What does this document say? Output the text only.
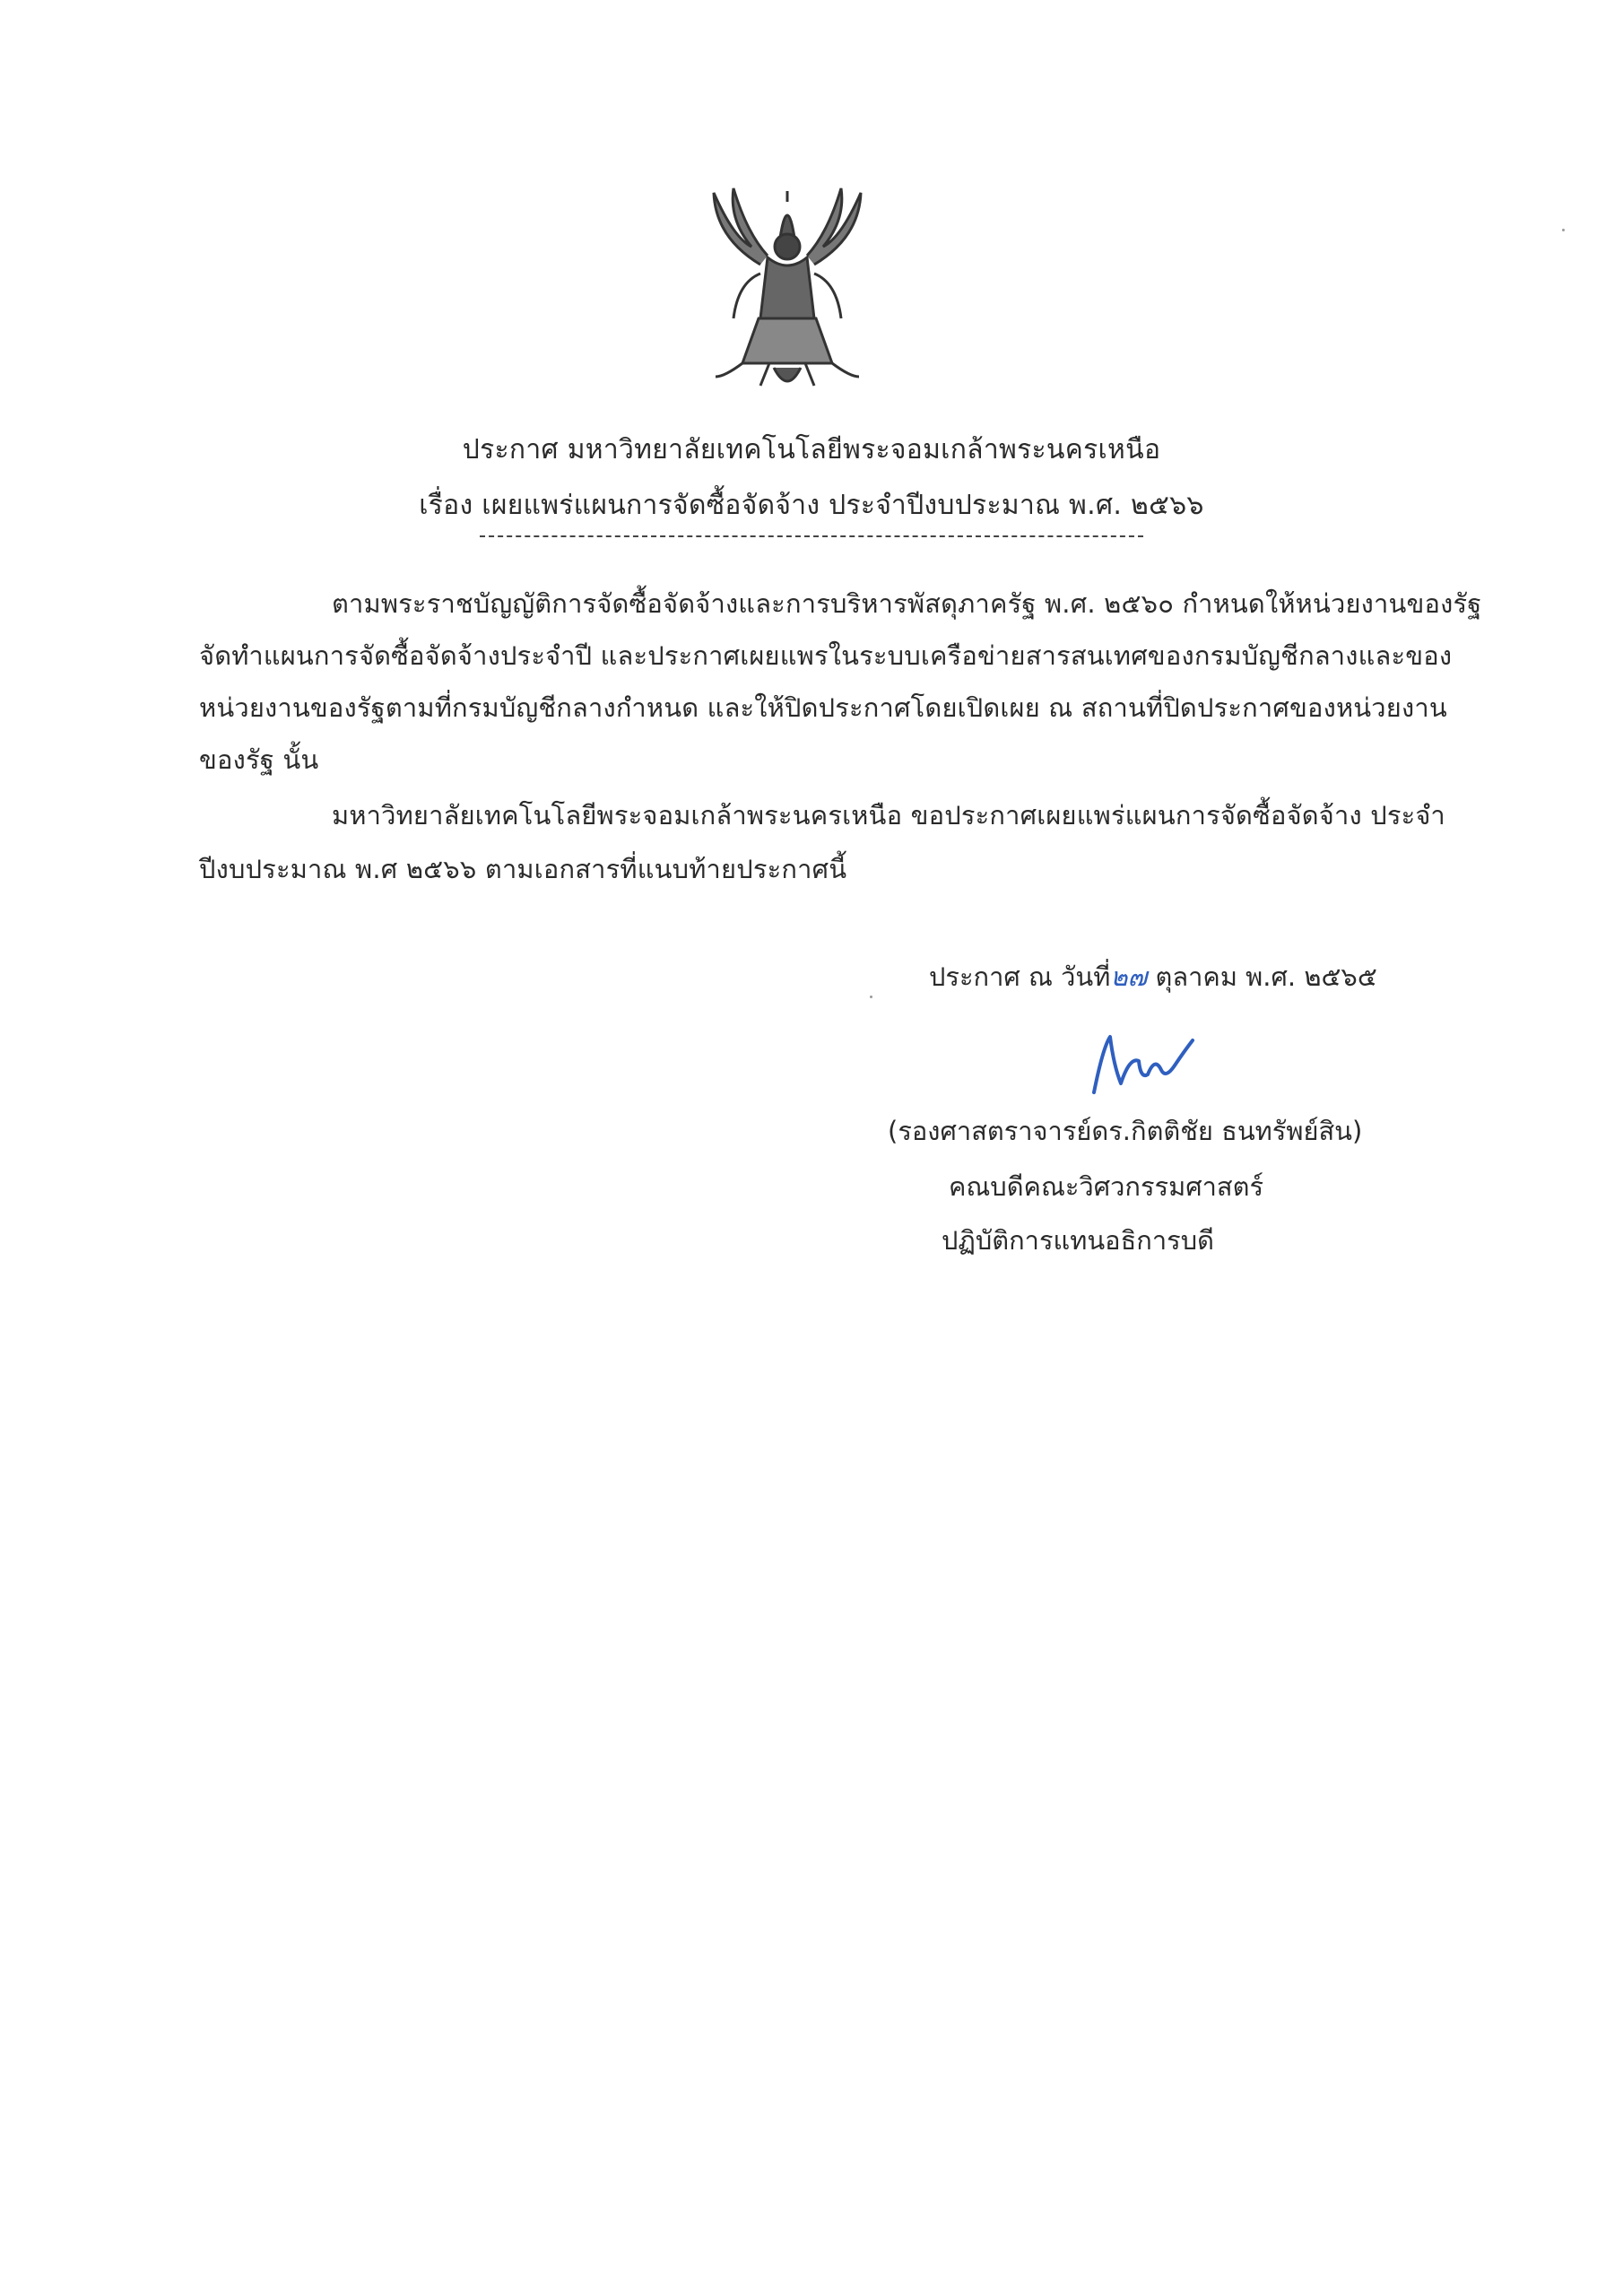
ประกาศ มหาวิทยาลัยเทคโนโลยีพระจอมเกล้าพระนครเหนือ
เรื่อง เผยแพร่แผนการจัดซื้อจัดจ้าง ประจำปีงบประมาณ พ.ศ. ๒๕๖๖
ตามพระราชบัญญัติการจัดซื้อจัดจ้างและการบริหารพัสดุภาครัฐ พ.ศ. ๒๕๖๐ กำหนดให้หน่วยงานของรัฐ
จัดทำแผนการจัดซื้อจัดจ้างประจำปี และประกาศเผยแพรในระบบเครือข่ายสารสนเทศของกรมบัญชีกลางและของ
หน่วยงานของรัฐตามที่กรมบัญชีกลางกำหนด และให้ปิดประกาศโดยเปิดเผย ณ สถานที่ปิดประกาศของหน่วยงาน
ของรัฐ นั้น
มหาวิทยาลัยเทคโนโลยีพระจอมเกล้าพระนครเหนือ ขอประกาศเผยแพร่แผนการจัดซื้อจัดจ้าง ประจำ
ปีงบประมาณ พ.ศ ๒๕๖๖ ตามเอกสารที่แนบท้ายประกาศนี้
ประกาศ ณ วันที่๒๗ ตุลาคม พ.ศ. ๒๕๖๕
(รองศาสตราจารย์ดร.กิตติชัย ธนทรัพย์สิน)
คณบดีคณะวิศวกรรมศาสตร์
ปฏิบัติการแทนอธิการบดี
